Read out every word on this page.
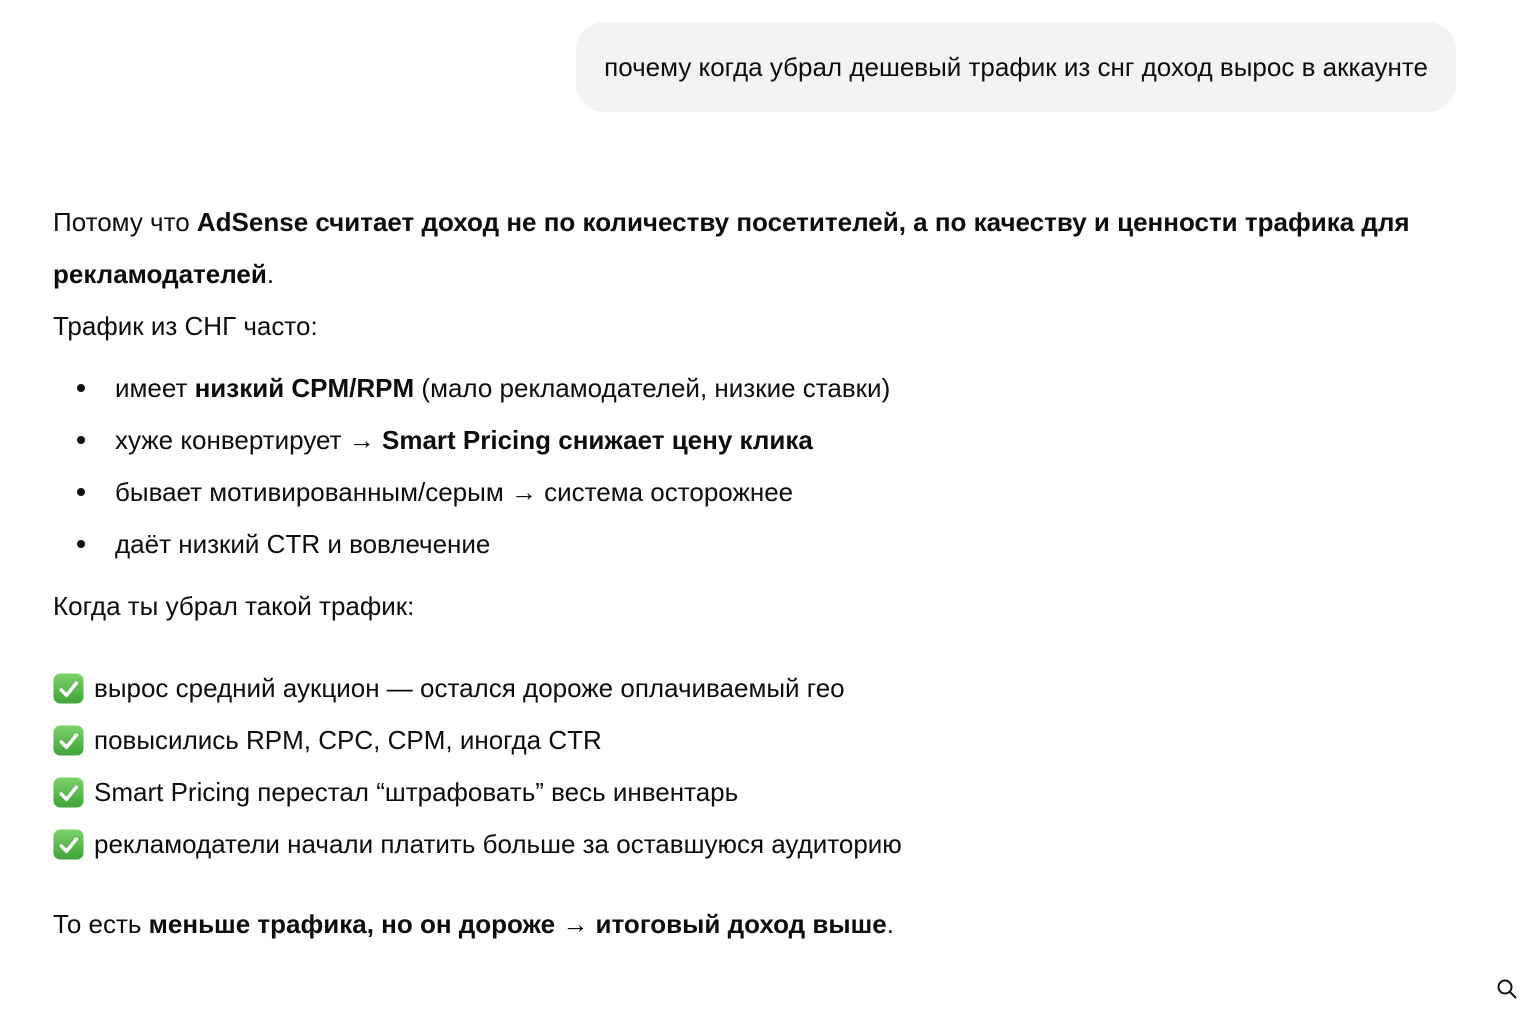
почему когда убрал дешевый трафик из снг доход вырос в аккаунте

Потому что AdSense считает доход не по количеству посетителей, а по качеству и ценности трафика для рекламодателей.

Трафик из СНГ часто:

имеет низкий CPM/RPM (мало рекламодателей, низкие ставки)
хуже конвертирует → Smart Pricing снижает цену клика
бывает мотивированным/серым → система осторожнее
даёт низкий CTR и вовлечение

Когда ты убрал такой трафик:

вырос средний аукцион — остался дороже оплачиваемый гео
повысились RPM, CPC, CPM, иногда CTR
Smart Pricing перестал “штрафовать” весь инвентарь
рекламодатели начали платить больше за оставшуюся аудиторию

То есть меньше трафика, но он дороже → итоговый доход выше.
